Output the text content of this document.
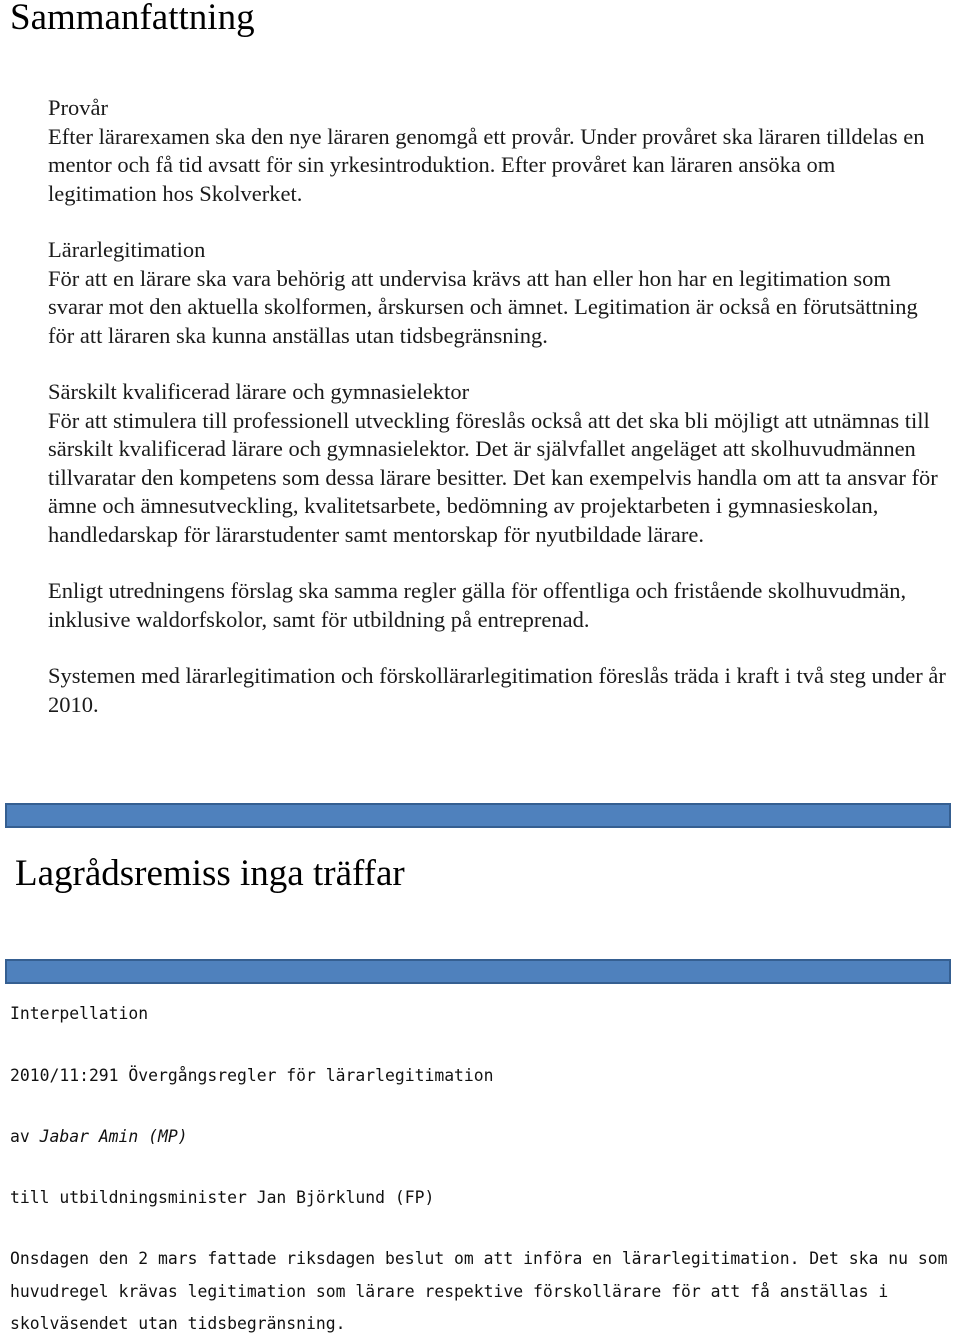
Sammanfattning
Provår
Efter lärarexamen ska den nye läraren genomgå ett provår. Under provåret ska läraren tilldelas en mentor och få tid avsatt för sin yrkesintroduktion. Efter provåret kan läraren ansöka om legitimation hos Skolverket.
Lärarlegitimation
För att en lärare ska vara behörig att undervisa krävs att han eller hon har en legitimation som svarar mot den aktuella skolformen, årskursen och ämnet. Legitimation är också en förutsättning för att läraren ska kunna anställas utan tidsbegränsning.
Särskilt kvalificerad lärare och gymnasielektor
För att stimulera till professionell utveckling föreslås också att det ska bli möjligt att utnämnas till särskilt kvalificerad lärare och gymnasielektor. Det är självfallet angeläget att skolhuvudmännen tillvaratar den kompetens som dessa lärare besitter. Det kan exempelvis handla om att ta ansvar för ämne och ämnesutveckling, kvalitetsarbete, bedömning av projektarbeten i gymnasieskolan, handledarskap för lärarstudenter samt mentorskap för nyutbildade lärare.

Enligt utredningens förslag ska samma regler gälla för offentliga och fristående skolhuvudmän, inklusive waldorfskolor, samt för utbildning på entreprenad.

Systemen med lärarlegitimation och förskollärarlegitimation föreslås träda i kraft i två steg under år 2010.

Lagrådsremiss inga träffar

Interpellation

2010/11:291 Övergångsregler för lärarlegitimation

av Jabar Amin (MP)

till utbildningsminister Jan Björklund (FP)

Onsdagen den 2 mars fattade riksdagen beslut om att införa en lärarlegitimation. Det ska nu som
huvudregel krävas legitimation som lärare respektive förskollärare för att få anställas i
skolväsendet utan tidsbegränsning.
